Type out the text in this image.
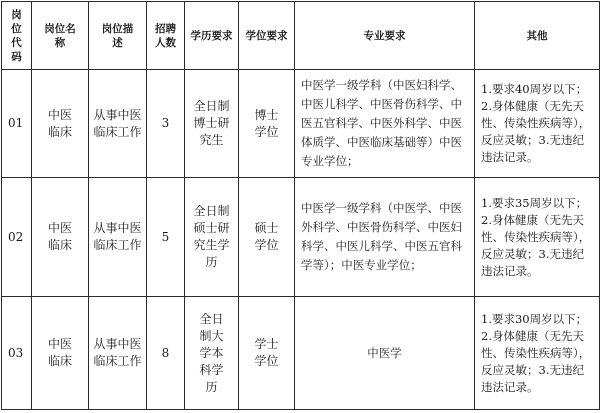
岗位代码	岗位名称	岗位描述	招聘人数	学历要求	学位要求	专业要求	其他
01	中医临床	从事中医临床工作	3	全日制博士研究生	博士学位	中医学一级学科（中医妇科学、中医儿科学、中医骨伤科学、中医五官科学、中医外科学、中医体质学、中医临床基础等）中医专业学位；	1.要求40周岁以下；2.身体健康（无先天性、传染性疾病等），反应灵敏；3.无违纪违法记录。
02	中医临床	从事中医临床工作	5	全日制硕士研究生学历	硕士学位	中医学一级学科（中医学、中医外科学、中医骨伤科学、中医妇科学、中医儿科学、中医五官科学等）；中医专业学位；	1.要求35周岁以下；2.身体健康（无先天性、传染性疾病等），反应灵敏；3.无违纪违法记录。
03	中医临床	从事中医临床工作	8	全日制大学本科学历	学士学位	中医学	1.要求30周岁以下；2.身体健康（无先天性、传染性疾病等），反应灵敏；3.无违纪违法记录。
